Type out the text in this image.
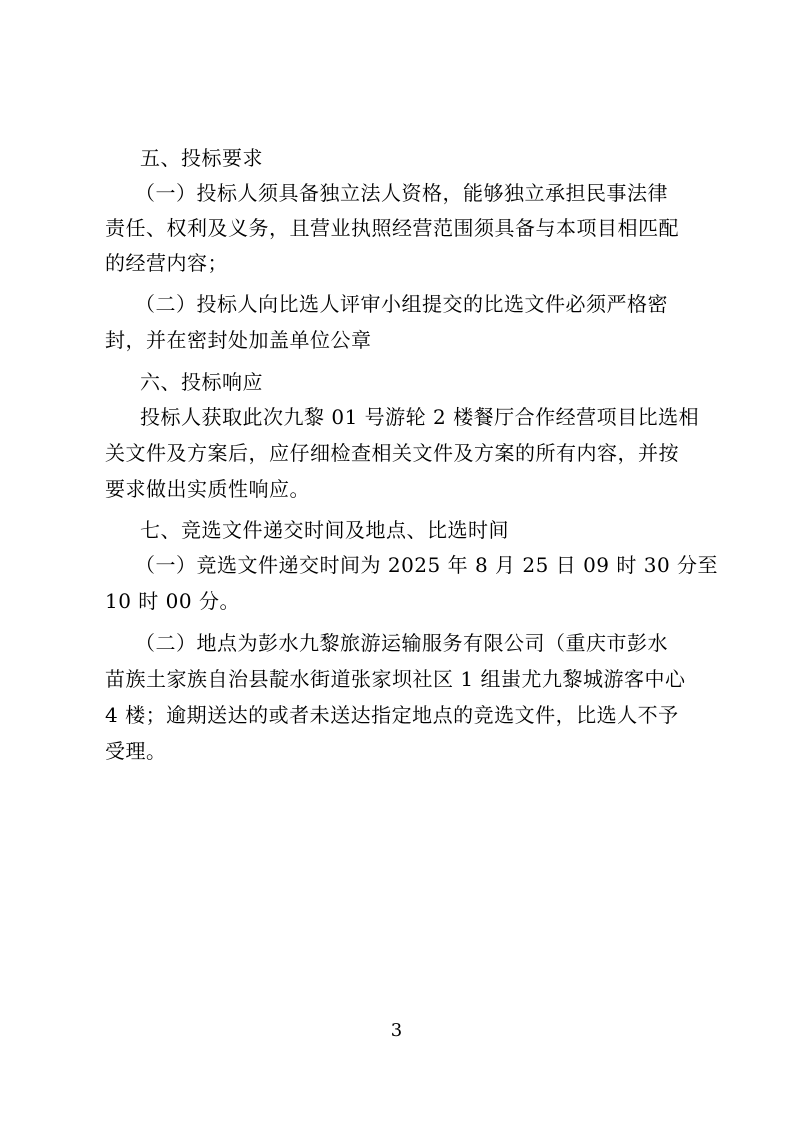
五、投标要求
（一）投标人须具备独立法人资格，能够独立承担民事法律
责任、权利及义务，且营业执照经营范围须具备与本项目相匹配
的经营内容；
（二）投标人向比选人评审小组提交的比选文件必须严格密
封，并在密封处加盖单位公章
六、投标响应
投标人获取此次九黎 01 号游轮 2 楼餐厅合作经营项目比选相
关文件及方案后，应仔细检查相关文件及方案的所有内容，并按
要求做出实质性响应。
七、竞选文件递交时间及地点、比选时间
（一）竞选文件递交时间为 2025 年 8 月 25 日 09 时 30 分至
10 时 00 分。
（二）地点为彭水九黎旅游运输服务有限公司（重庆市彭水
苗族土家族自治县靛水街道张家坝社区 1 组蚩尤九黎城游客中心
4 楼；逾期送达的或者未送达指定地点的竞选文件，比选人不予
受理。
3
